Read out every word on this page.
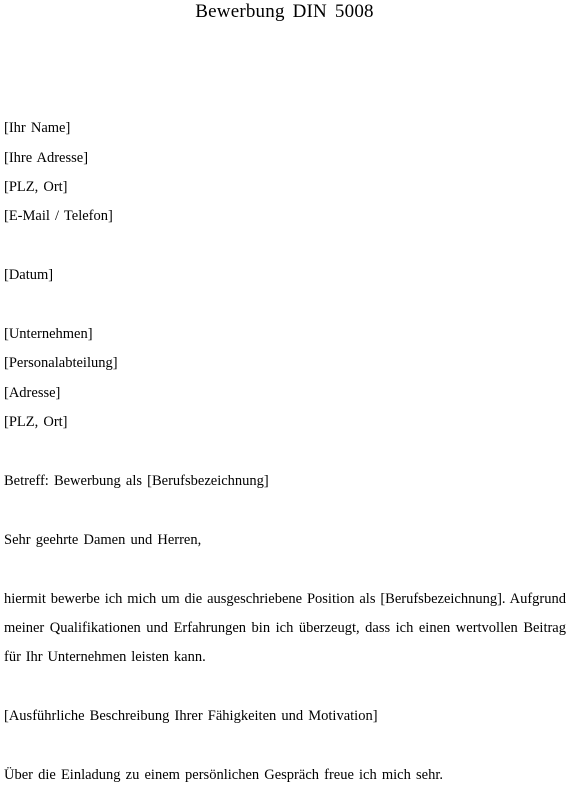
Bewerbung DIN 5008
[Ihr Name]
[Ihre Adresse]
[PLZ, Ort]
[E-Mail / Telefon]
[Datum]
[Unternehmen]
[Personalabteilung]
[Adresse]
[PLZ, Ort]
Betreff: Bewerbung als [Berufsbezeichnung]
Sehr geehrte Damen und Herren,
hiermit bewerbe ich mich um die ausgeschriebene Position als [Berufsbezeichnung]. Aufgrund meiner Qualifikationen und Erfahrungen bin ich überzeugt, dass ich einen wertvollen Beitrag für Ihr Unternehmen leisten kann.
[Ausführliche Beschreibung Ihrer Fähigkeiten und Motivation]
Über die Einladung zu einem persönlichen Gespräch freue ich mich sehr.
